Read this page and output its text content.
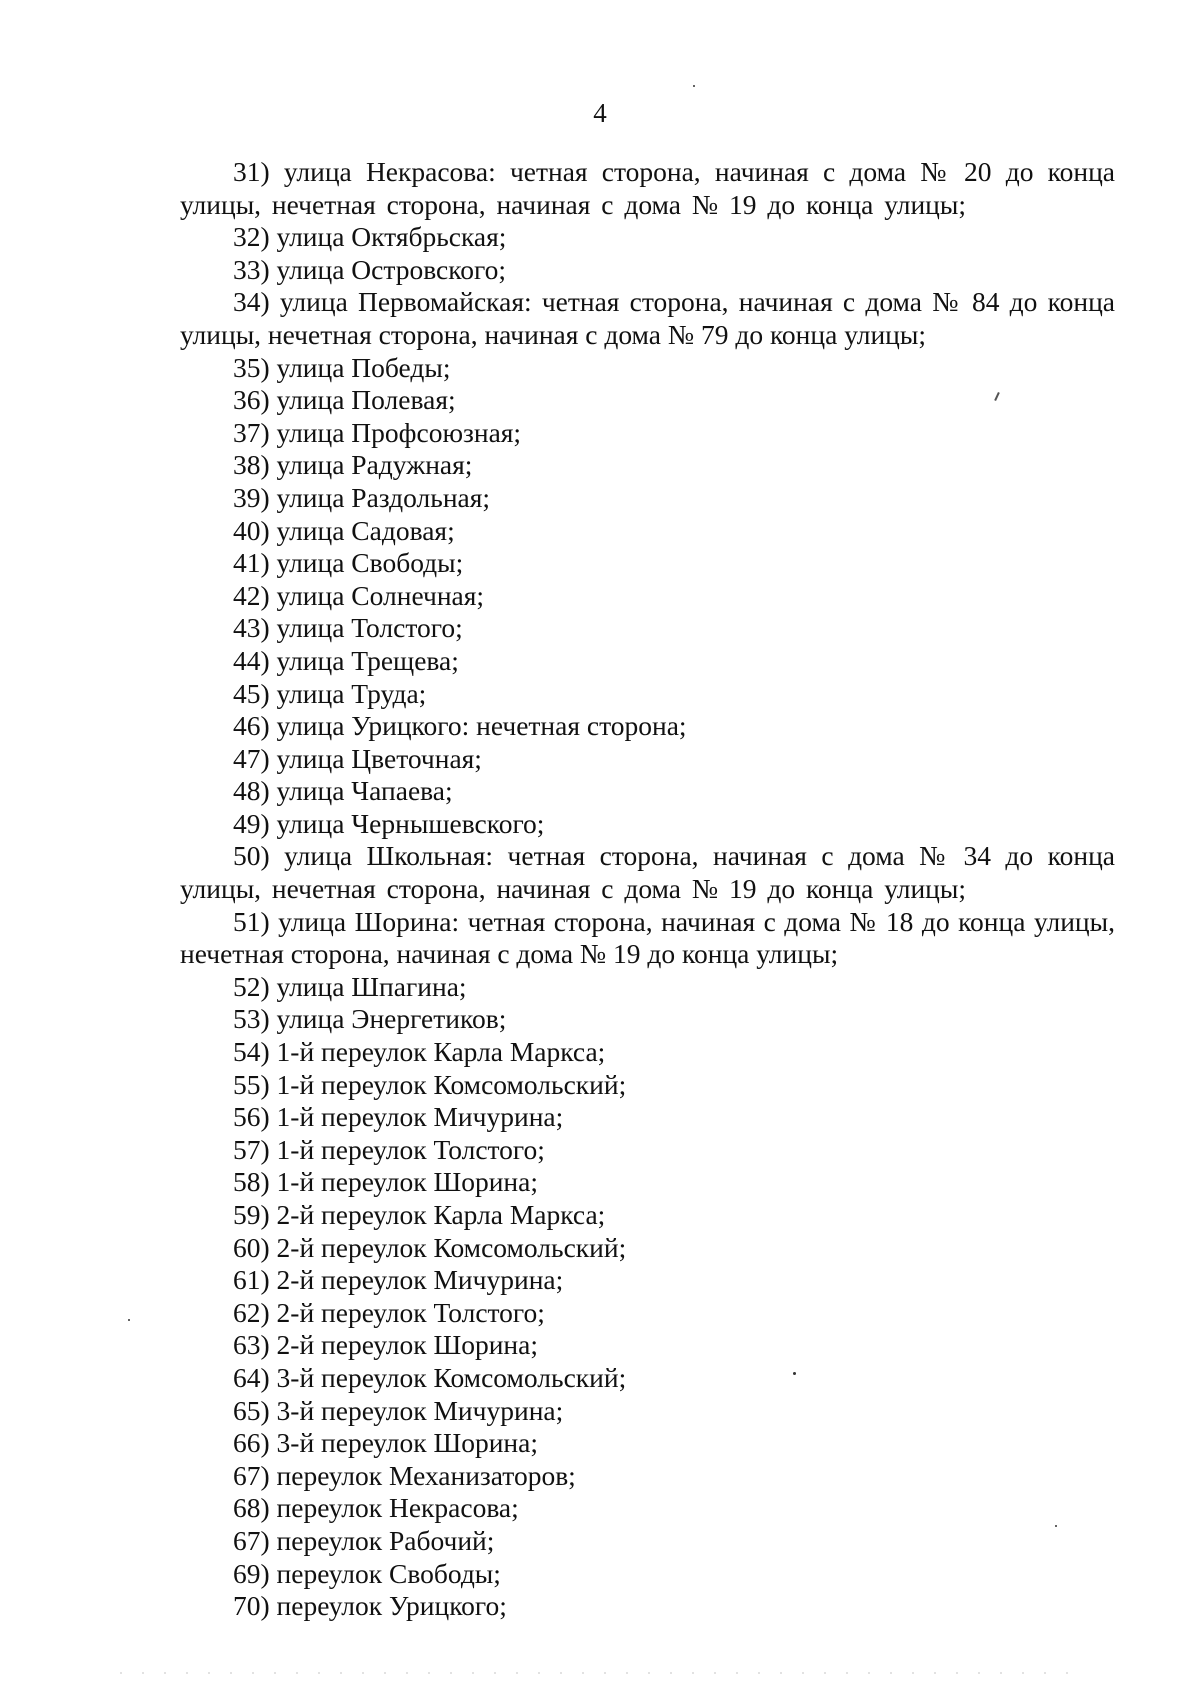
4

31) улица Некрасова: четная сторона, начиная с дома № 20 до конца улицы, нечетная сторона, начиная с дома № 19 до конца улицы;

32) улица Октябрьская;

33) улица Островского;

34) улица Первомайская: четная сторона, начиная с дома № 84 до конца улицы, нечетная сторона, начиная с дома № 79 до конца улицы;

35) улица Победы;

36) улица Полевая;

37) улица Профсоюзная;

38) улица Радужная;

39) улица Раздольная;

40) улица Садовая;

41) улица Свободы;

42) улица Солнечная;

43) улица Толстого;

44) улица Трещева;

45) улица Труда;

46) улица Урицкого: нечетная сторона;

47) улица Цветочная;

48) улица Чапаева;

49) улица Чернышевского;

50) улица Школьная: четная сторона, начиная с дома № 34 до конца улицы, нечетная сторона, начиная с дома № 19 до конца улицы;

51) улица Шорина: четная сторона, начиная с дома № 18 до конца улицы, нечетная сторона, начиная с дома № 19 до конца улицы;

52) улица Шпагина;

53) улица Энергетиков;

54) 1-й переулок Карла Маркса;

55) 1-й переулок Комсомольский;

56) 1-й переулок Мичурина;

57) 1-й переулок Толстого;

58) 1-й переулок Шорина;

59) 2-й переулок Карла Маркса;

60) 2-й переулок Комсомольский;

61) 2-й переулок Мичурина;

62) 2-й переулок Толстого;

63) 2-й переулок Шорина;

64) 3-й переулок Комсомольский;

65) 3-й переулок Мичурина;

66) 3-й переулок Шорина;

67) переулок Механизаторов;

68) переулок Некрасова;

67) переулок Рабочий;

69) переулок Свободы;

70) переулок Урицкого;
